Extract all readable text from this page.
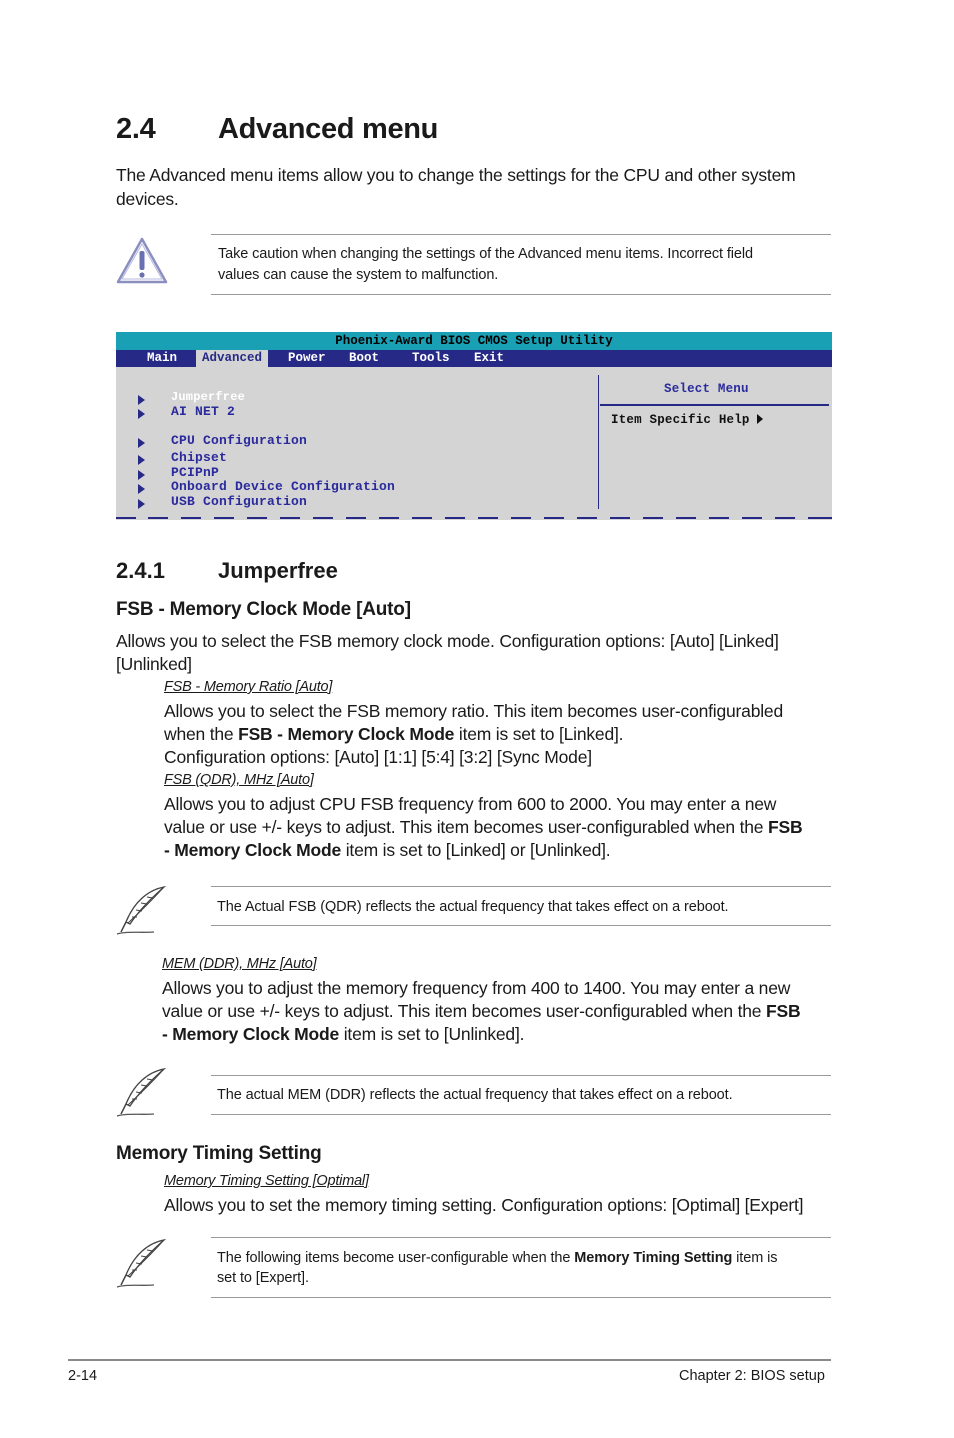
2.4 Advanced menu
The Advanced menu items allow you to change the settings for the CPU and other system devices.
Take caution when changing the settings of the Advanced menu items. Incorrect field
values can cause the system to malfunction.
Phoenix-Award BIOS CMOS Setup Utility
Main	Advanced	Power Boot	Tools Exit
Jumperfree
AI NET 2
CPU Configuration
Chipset
PCIPnP
Onboard Device Configuration
USB Configuration
Select Menu
Item Specific Help
2.4.1 Jumperfree
FSB - Memory Clock Mode [Auto]
Allows you to select the FSB memory clock mode. Configuration options: [Auto] [Linked]
[Unlinked]
FSB - Memory Ratio [Auto]
Allows you to select the FSB memory ratio. This item becomes user-configurabled
when the FSB - Memory Clock Mode item is set to [Linked].
Configuration options: [Auto] [1:1] [5:4] [3:2] [Sync Mode]
FSB (QDR), MHz [Auto]
Allows you to adjust CPU FSB frequency from 600 to 2000. You may enter a new
value or use +/- keys to adjust. This item becomes user-configurabled when the FSB
- Memory Clock Mode item is set to [Linked] or [Unlinked].
The Actual FSB (QDR) reflects the actual frequency that takes effect on a reboot.
MEM (DDR), MHz [Auto]
Allows you to adjust the memory frequency from 400 to 1400. You may enter a new
value or use +/- keys to adjust. This item becomes user-configurabled when the FSB
- Memory Clock Mode item is set to [Unlinked].
The actual MEM (DDR) reflects the actual frequency that takes effect on a reboot.
Memory Timing Setting
Memory Timing Setting [Optimal]
Allows you to set the memory timing setting. Configuration options: [Optimal] [Expert]
The following items become user-configurable when the Memory Timing Setting item is
set to [Expert].
2-14	Chapter 2: BIOS setup
